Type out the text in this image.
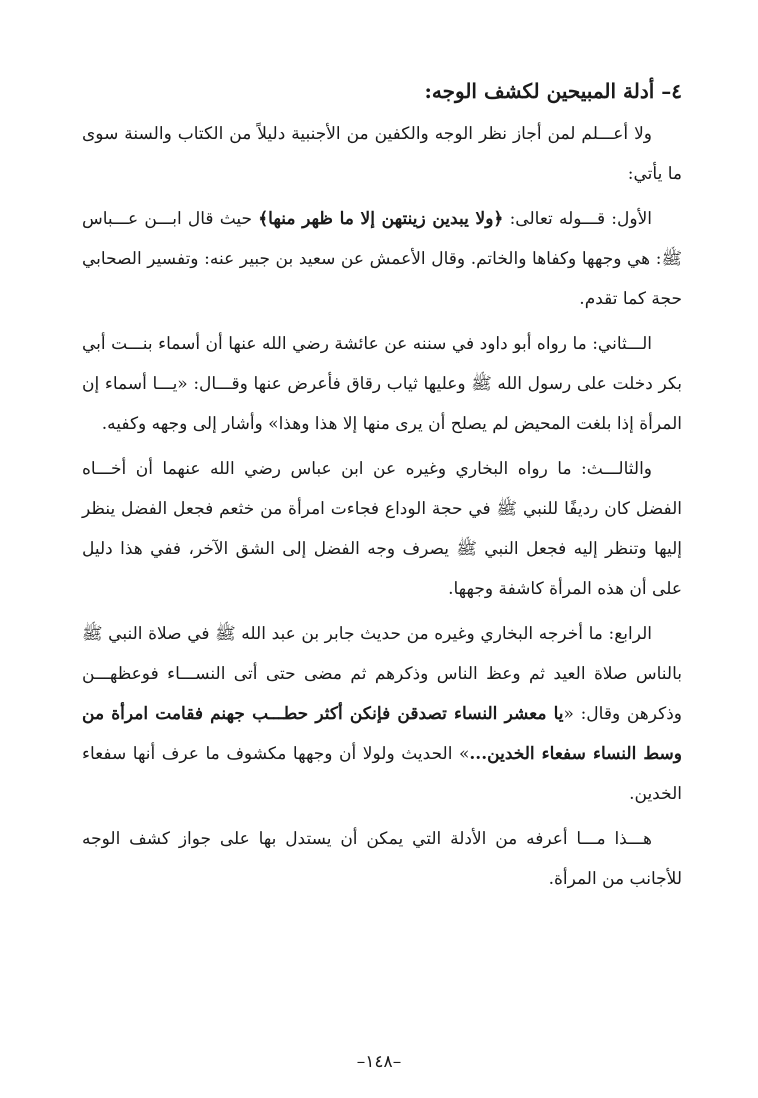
٤– أدلة المبيحين لكشف الوجه:

ولا أعـــلم لمن أجاز نظر الوجه والكفين من الأجنبية دليلاً من الكتاب والسنة سوى ما يأتي:

الأول: قـــوله تعالى: ﴿ولا يبدين زينتهن إلا ما ظهر منها﴾ حيث قال ابـــن عـــباس ﷺ: هي وجهها وكفاها والخاتم. وقال الأعمش عن سعيد بن جبير عنه: وتفسير الصحابي حجة كما تقدم.

الـــثاني: ما رواه أبو داود في سننه عن عائشة رضي الله عنها أن أسماء بنـــت أبي بكر دخلت على رسول الله ﷺ وعليها ثياب رقاق فأعرض عنها وقـــال: «يـــا أسماء إن المرأة إذا بلغت المحيض لم يصلح أن يرى منها إلا هذا وهذا» وأشار إلى وجهه وكفيه.

والثالـــث: ما رواه البخاري وغيره عن ابن عباس رضي الله عنهما أن أخـــاه الفضل كان رديفًا للنبي ﷺ في حجة الوداع فجاءت امرأة من خثعم فجعل الفضل ينظر إليها وتنظر إليه فجعل النبي ﷺ يصرف وجه الفضل إلى الشق الآخر، ففي هذا دليل على أن هذه المرأة كاشفة وجهها.

الرابع: ما أخرجه البخاري وغيره من حديث جابر بن عبد الله ﷺ في صلاة النبي ﷺ بالناس صلاة العيد ثم وعظ الناس وذكرهم ثم مضى حتى أتى النســـاء فوعظهـــن وذكرهن وقال: «يا معشر النساء تصدقن فإنكن أكثر حطـــب جهنم فقامت امرأة من وسط النساء سفعاء الخدين...» الحديث ولولا أن وجهها مكشوف ما عرف أنها سفعاء الخدين.

هـــذا مـــا أعرفه من الأدلة التي يمكن أن يستدل بها على جواز كشف الوجه للأجانب من المرأة.

–١٤٨–
